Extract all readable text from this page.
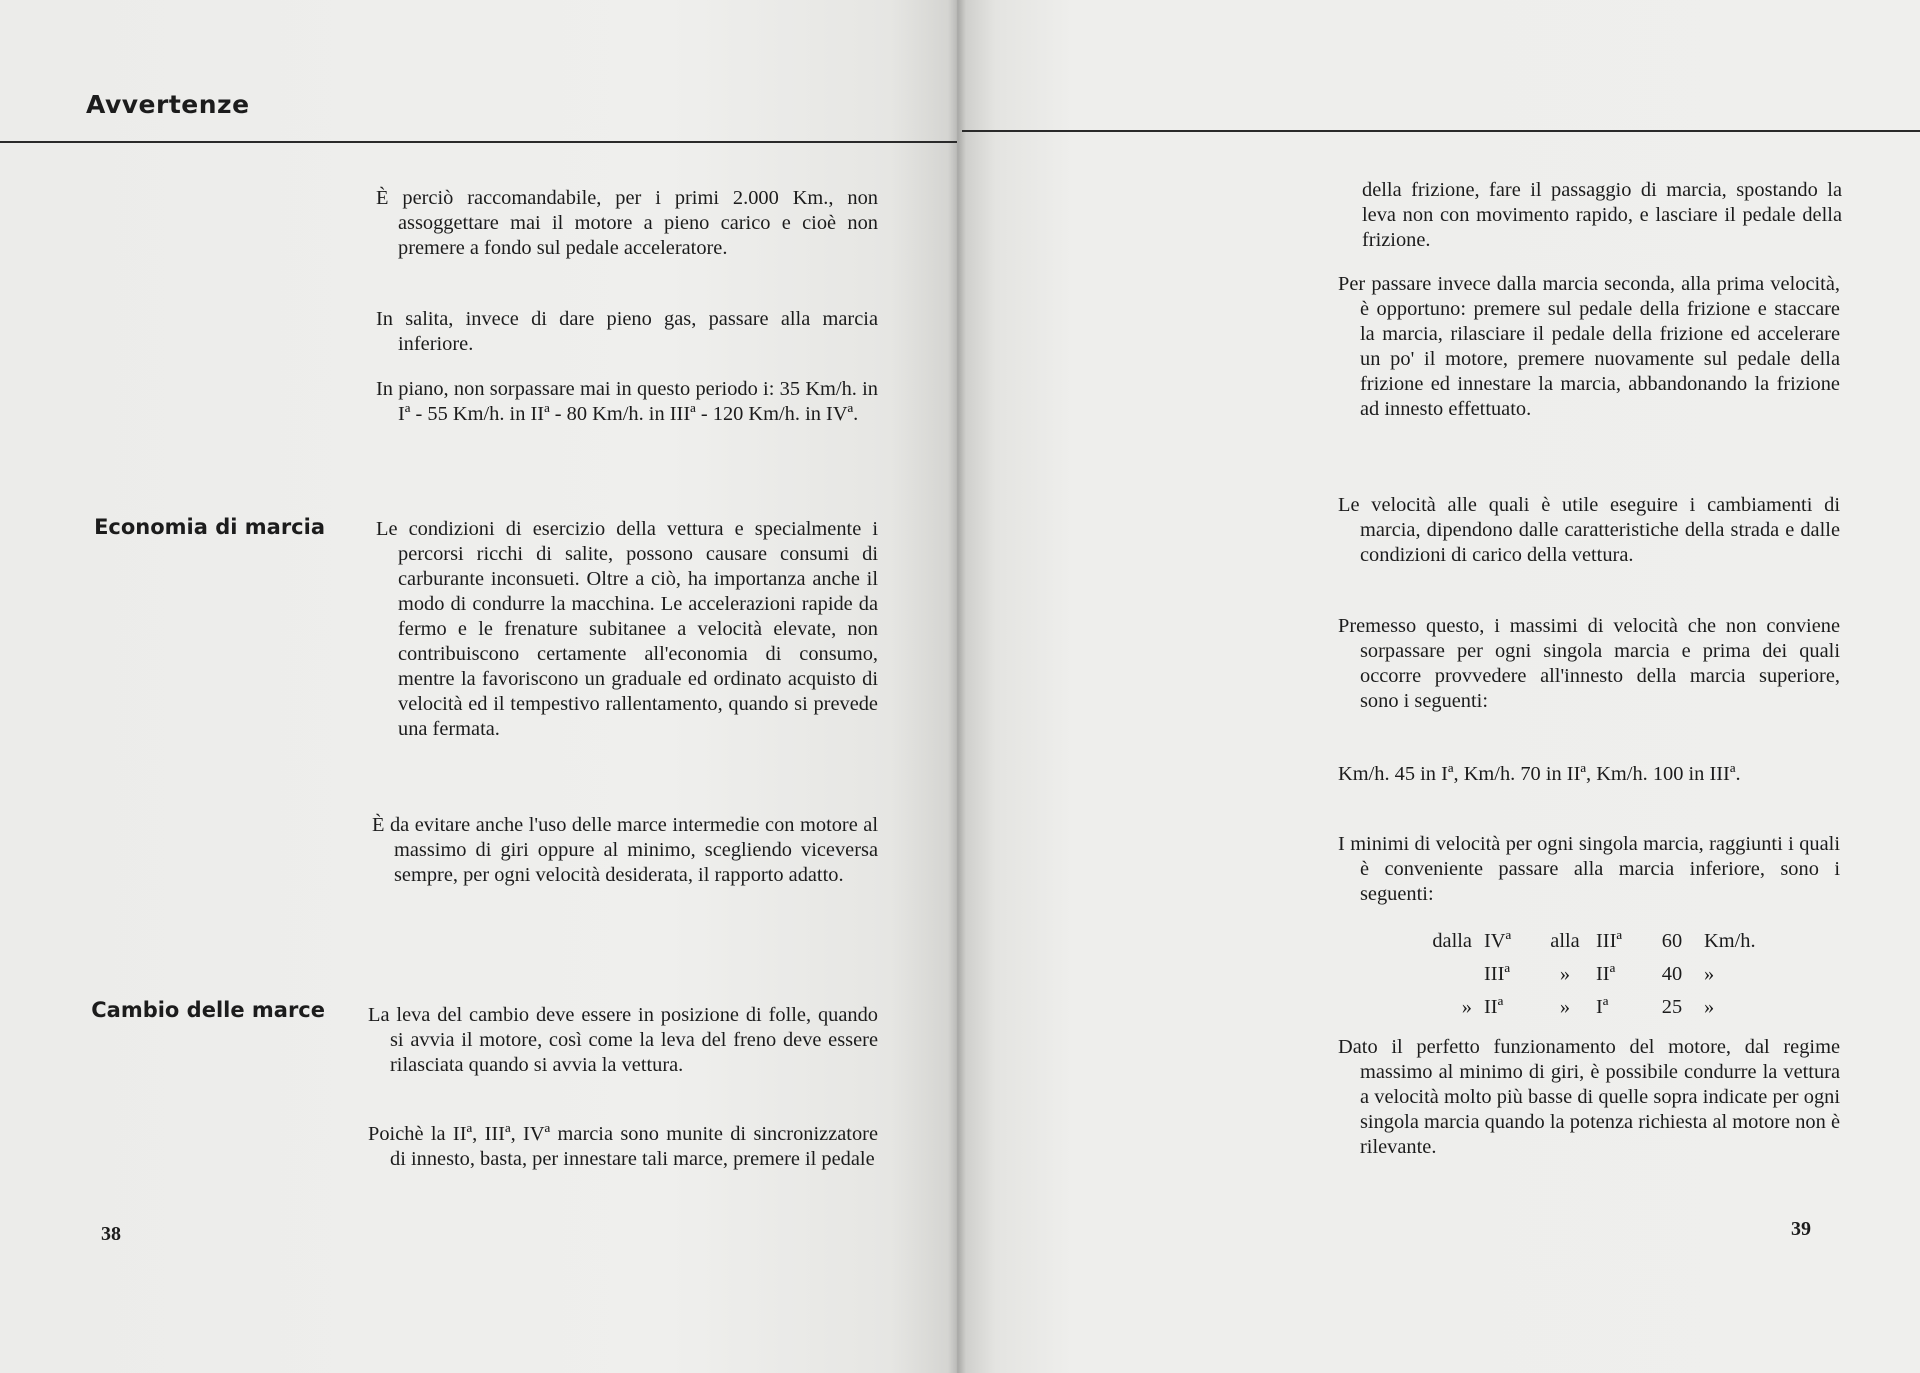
Avvertenze

È perciò raccomandabile, per i primi 2.000 Km., non assoggettare mai il motore a pieno carico e cioè non premere a fondo sul pedale acceleratore.

In salita, invece di dare pieno gas, passare alla marcia inferiore.

In piano, non sorpassare mai in questo periodo i: 35 Km/h. in Iª - 55 Km/h. in IIª - 80 Km/h. in IIIª - 120 Km/h. in IVª.

Economia di marcia	Le condizioni di esercizio della vettura e specialmente i percorsi ricchi di salite, possono causare consumi di carburante inconsueti. Oltre a ciò, ha importanza anche il modo di condurre la macchina. Le accelerazioni rapide da fermo e le frenature subitanee a velocità elevate, non contribuiscono certamente all'economia di consumo, mentre la favoriscono un graduale ed ordinato acquisto di velocità ed il tempestivo rallentamento, quando si prevede una fermata.

È da evitare anche l'uso delle marce intermedie con motore al massimo di giri oppure al minimo, scegliendo viceversa sempre, per ogni velocità desiderata, il rapporto adatto.

Cambio delle marce La leva del cambio deve essere in posizione di folle, quando si avvia il motore, così come la leva del freno deve essere rilasciata quando si avvia la vettura.

Poichè la IIª, IIIª, IVª marcia sono munite di sincronizzatore di innesto, basta, per innestare tali marce, premere il pedale

38

della frizione, fare il passaggio di marcia, spostando la leva non con movimento rapido, e lasciare il pedale della frizione.

Per passare invece dalla marcia seconda, alla prima velocità, è opportuno: premere sul pedale della frizione e staccare la marcia, rilasciare il pedale della frizione ed accelerare un po' il motore, premere nuovamente sul pedale della frizione ed innestare la marcia, abbandonando la frizione ad innesto effettuato.

Le velocità alle quali è utile eseguire i cambiamenti di marcia, dipendono dalle caratteristiche della strada e dalle condizioni di carico della vettura.

Premesso questo, i massimi di velocità che non conviene sorpassare per ogni singola marcia e prima dei quali occorre provvedere all'innesto della marcia superiore, sono i seguenti:

Km/h. 45 in Iª, Km/h. 70 in IIª, Km/h. 100 in IIIª.

I minimi di velocità per ogni singola marcia, raggiunti i quali è conveniente passare alla marcia inferiore, sono i seguenti:

dalla	IVª	alla	IIIª	60	Km/h.
	IIIª	»	IIª	40	»
»	IIª	»	Iª	25	»

Dato il perfetto funzionamento del motore, dal regime massimo al minimo di giri, è possibile condurre la vettura a velocità molto più basse di quelle sopra indicate per ogni singola marcia quando la potenza richiesta al motore non è rilevante.

39
